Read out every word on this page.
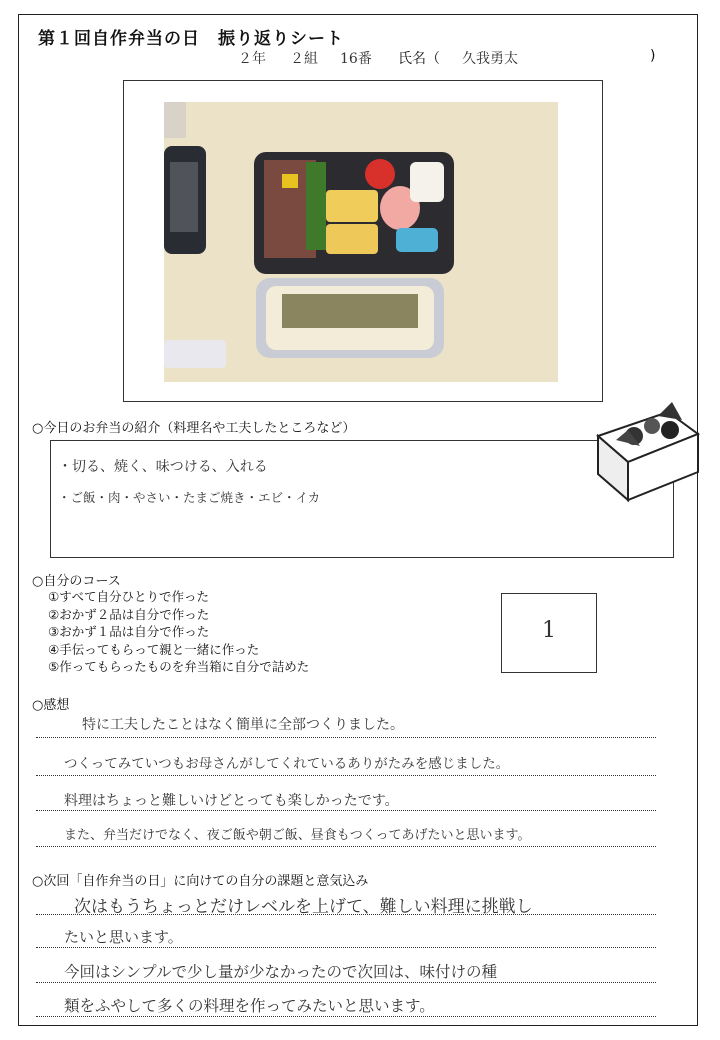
第１回自作弁当の日　振り返りシート
２年 ２組 16番 氏名（ 久我勇太	)
○今日のお弁当の紹介（料理名や工夫したところなど）
・切る、焼く、味つける、入れる
・ご飯・肉・やさい・たまご焼き・エビ・イカ
○自分のコース
①すべて自分ひとりで作った
②おかず２品は自分で作った
③おかず１品は自分で作った
④手伝ってもらって親と一緒に作った
⑤作ってもらったものを弁当箱に自分で詰めた
1
○感想
特に工夫したことはなく簡単に全部つくりました。
つくってみていつもお母さんがしてくれているありがたみを感じました。
料理はちょっと難しいけどとっても楽しかったです。
また、弁当だけでなく、夜ご飯や朝ご飯、昼食もつくってあげたいと思います。
○次回「自作弁当の日」に向けての自分の課題と意気込み
次はもうちょっとだけレベルを上げて、難しい料理に挑戦し
たいと思います。
今回はシンプルで少し量が少なかったので次回は、味付けの種
類をふやして多くの料理を作ってみたいと思います。
